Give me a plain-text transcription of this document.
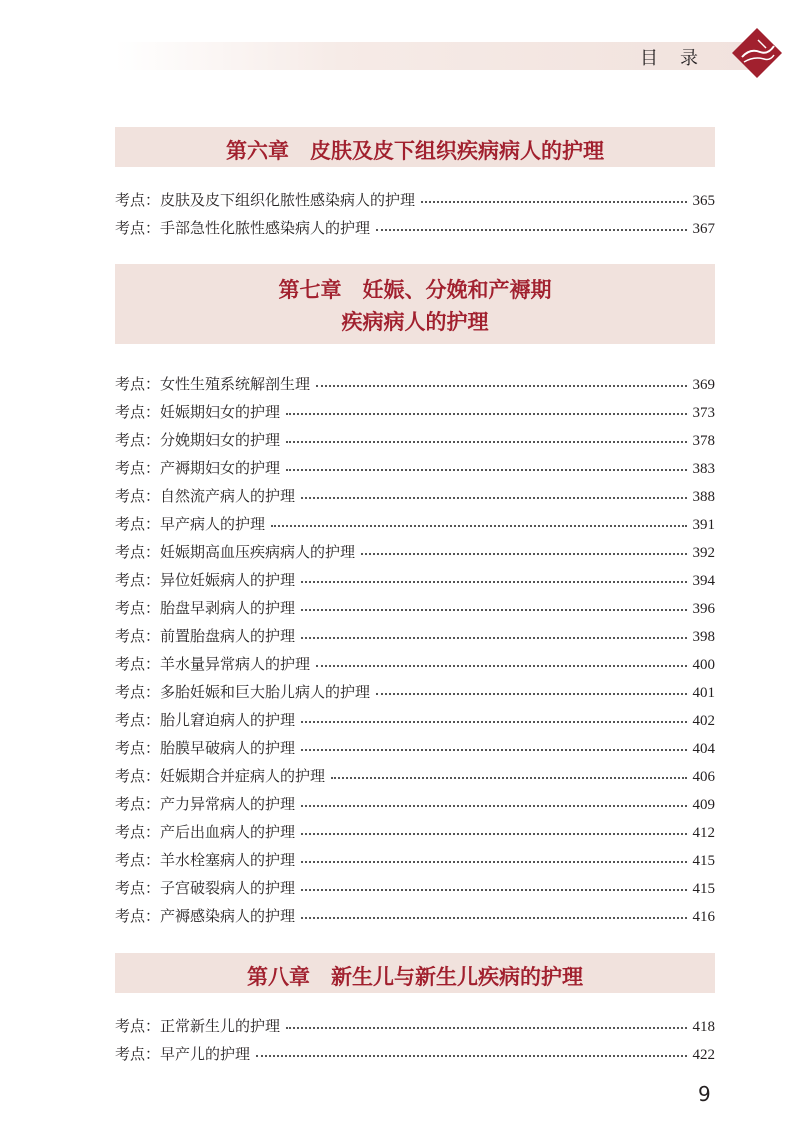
目录
第六章　皮肤及皮下组织疾病病人的护理
考点：皮肤及皮下组织化脓性感染病人的护理	365
考点：手部急性化脓性感染病人的护理	367
第七章　妊娠、分娩和产褥期
疾病病人的护理
考点：女性生殖系统解剖生理	369
考点：妊娠期妇女的护理	373
考点：分娩期妇女的护理	378
考点：产褥期妇女的护理	383
考点：自然流产病人的护理	388
考点：早产病人的护理	391
考点：妊娠期高血压疾病病人的护理	392
考点：异位妊娠病人的护理	394
考点：胎盘早剥病人的护理	396
考点：前置胎盘病人的护理	398
考点：羊水量异常病人的护理	400
考点：多胎妊娠和巨大胎儿病人的护理	401
考点：胎儿窘迫病人的护理	402
考点：胎膜早破病人的护理	404
考点：妊娠期合并症病人的护理	406
考点：产力异常病人的护理	409
考点：产后出血病人的护理	412
考点：羊水栓塞病人的护理	415
考点：子宫破裂病人的护理	415
考点：产褥感染病人的护理	416
第八章　新生儿与新生儿疾病的护理
考点：正常新生儿的护理	418
考点：早产儿的护理	422
9
